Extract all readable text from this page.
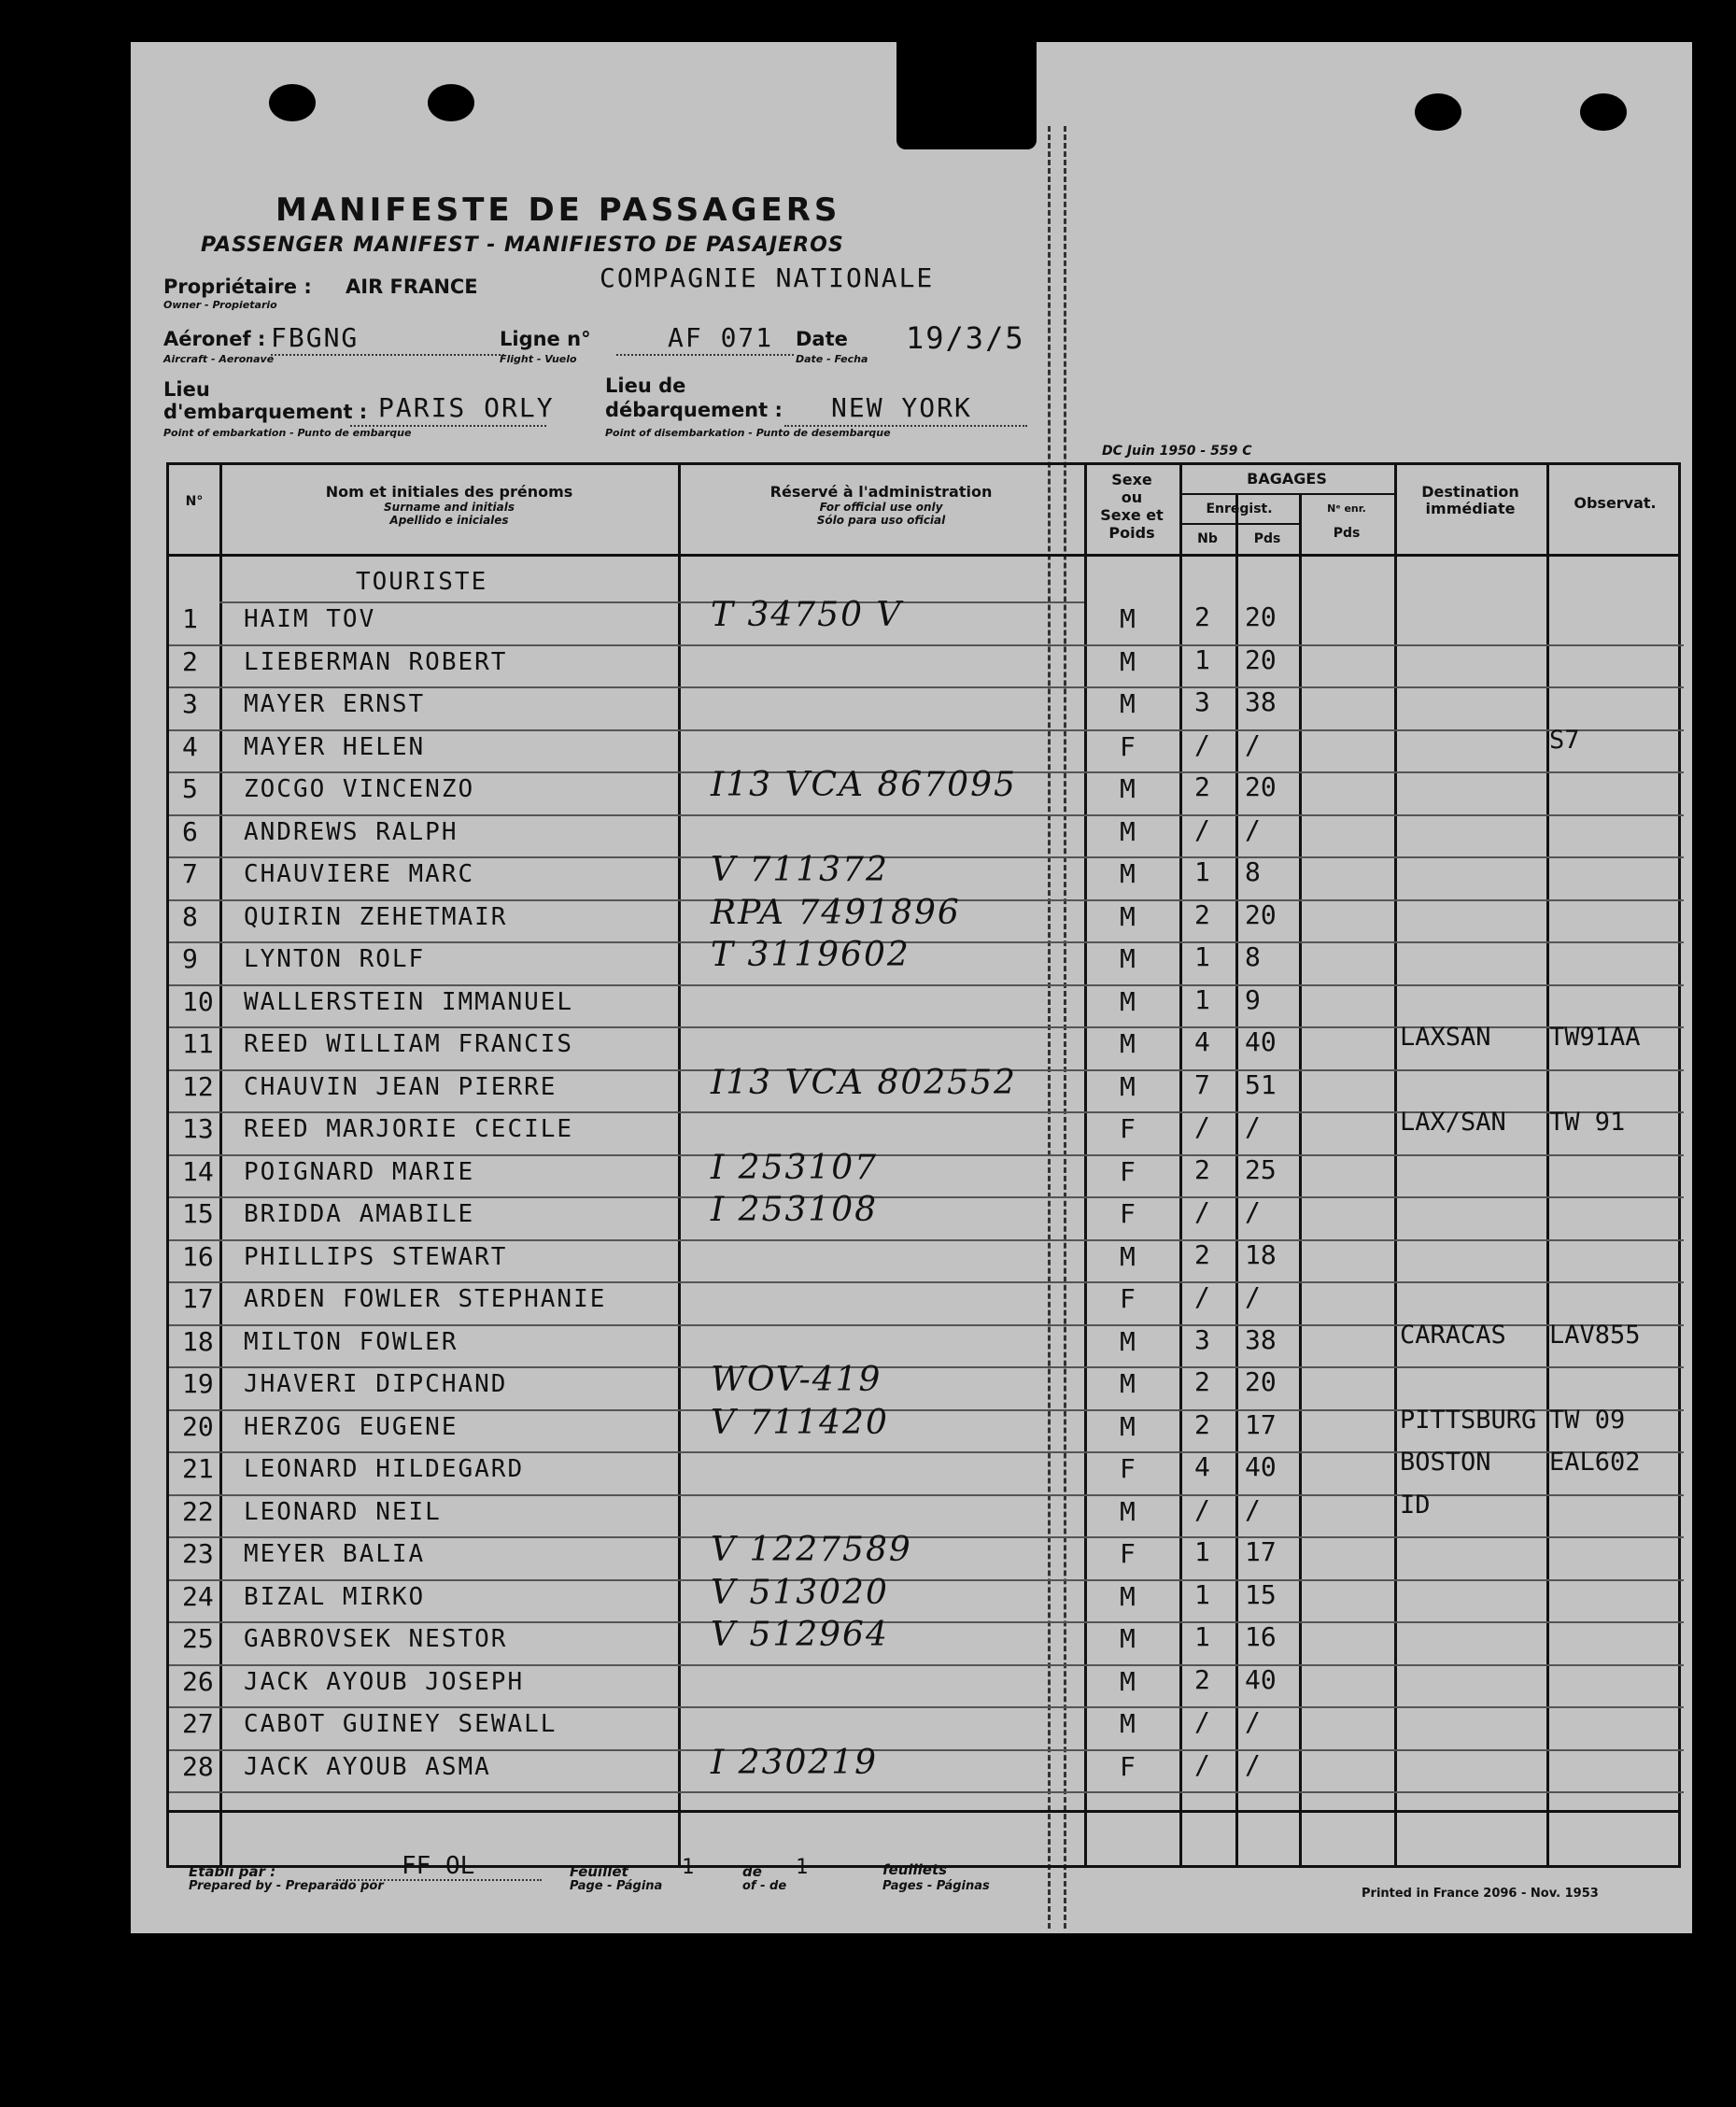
MANIFESTE DE PASSAGERS
PASSENGER MANIFEST - MANIFIESTO DE PASAJEROS
Propriétaire : AIR FRANCE
Owner - Propietario
COMPAGNIE NATIONALE
Aéronef : FBGNG
Aircraft - Aeronave
Ligne n°	AF 071
Flight - Vuelo
Date 19/3/5
Date - Fecha
Lieu
d'embarquement : PARIS ORLY
Point of embarkation - Punto de embarque
Lieu de
débarquement : NEW YORK
Point of disembarkation - Punto de desembarque
DC Juin 1950 - 559 C
N°
Nom et initiales des prénoms
Surname and initials
Apellido e iniciales
Réservé à l'administration
For official use only
Sólo para uso oficial
Sexe
ou
Sexe et
Poids
BAGAGES
Enregist.
Nb	Pds
Nᵉ enr.
Pds
Destination
immédiate	Observat.
TOURISTE
1 HAIM TOV	T 34750 V	M 2 20
2 LIEBERMAN ROBERT	M 1 20
3 MAYER ERNST	M 3 38
4 MAYER HELEN	F / /	S7
5 ZOCGO VINCENZO	I13 VCA 867095	M 2 20
6 ANDREWS RALPH	M / /
7 CHAUVIERE MARC	V 711372	M 1 8
8 QUIRIN ZEHETMAIR	RPA 7491896	M 2 20
9 LYNTON ROLF	T 3119602	M 1 8
10 WALLERSTEIN IMMANUEL	M 1 9
11 REED WILLIAM FRANCIS	M 4 40	LAXSAN TW91AA
12 CHAUVIN JEAN PIERRE	I13 VCA 802552	M 7 51
13 REED MARJORIE CECILE	F / /	LAX/SAN TW 91
14 POIGNARD MARIE	I 253107	F 2 25
15 BRIDDA AMABILE	I 253108	F / /
16 PHILLIPS STEWART	M 2 18
17 ARDEN FOWLER STEPHANIE	F / /
18 MILTON FOWLER	M 3 38	CARACAS LAV855
19 JHAVERI DIPCHAND	WOV-419	M 2 20
20 HERZOG EUGENE	V 711420	M 2 17	PITTSBURG TW 09
21 LEONARD HILDEGARD	F 4 40	BOSTON EAL602
22 LEONARD NEIL	M / /	ID
23 MEYER BALIA	V 1227589	F 1 17
24 BIZAL MIRKO	V 513020	M 1 15
25 GABROVSEK NESTOR	V 512964	M 1 16
26 JACK AYOUB JOSEPH	M 2 40
27 CABOT GUINEY SEWALL	M / /
28 JACK AYOUB ASMA	I 230219	F / /
Etabli par :
Prepared by - Preparado por
FF OL	Feuillet
Page - Página
1	de
of - de
1	feuillets
Pages - Páginas
Printed in France 2096 - Nov. 1953
